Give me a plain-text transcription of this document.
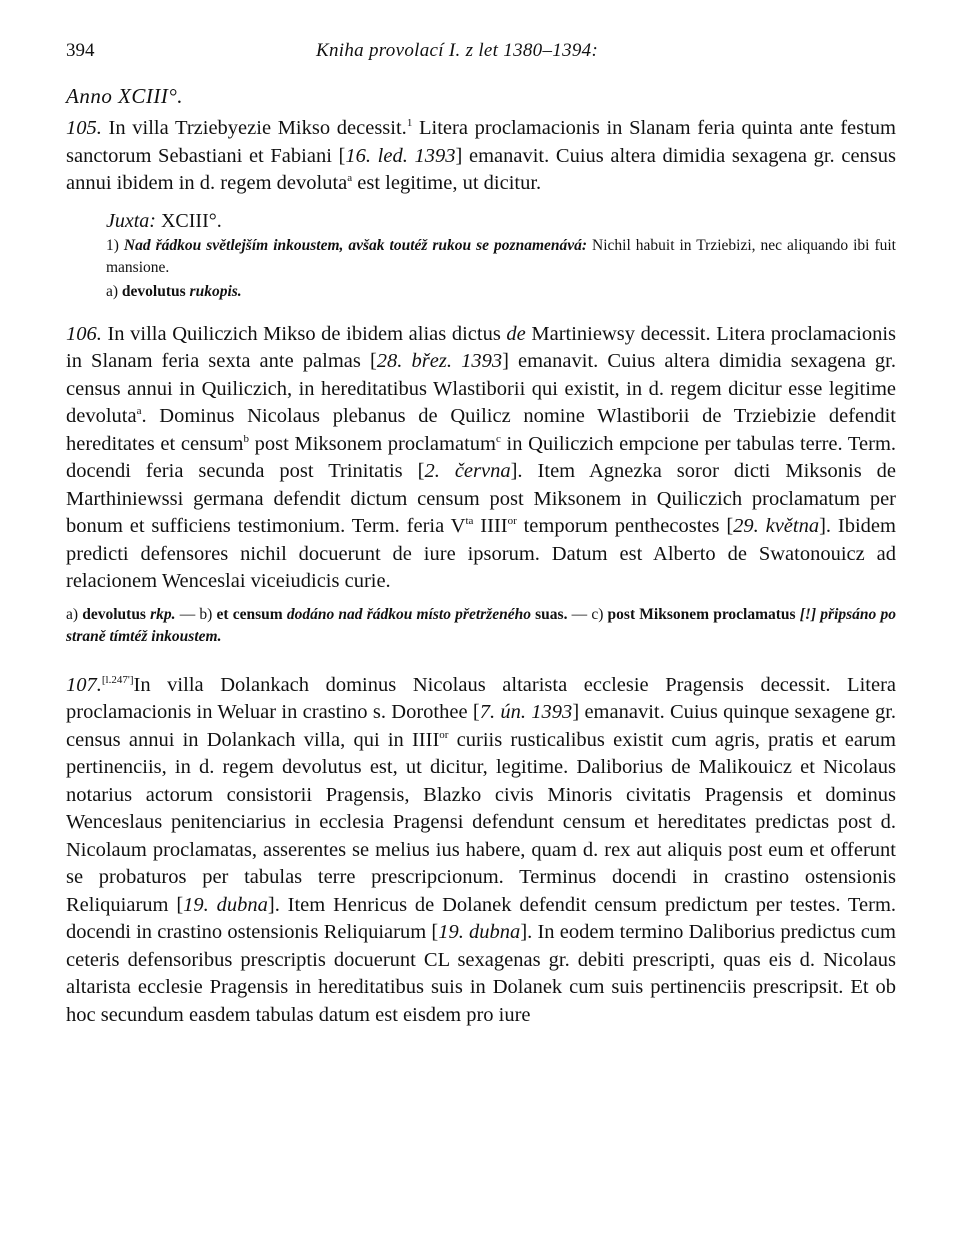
394	Kniha provolací I. z let 1380–1394:
Anno XCIII°.

105. In villa Trziebyezie Mikso decessit.$^1$ Litera proclamacionis in Slanam feria quinta ante festum sanctorum Sebastiani et Fabiani [16. led. 1393] emanavit. Cuius altera dimidia sexagena gr. census annui ibidem in d. regem devoluta$^a$ est legitime, ut dicitur.

Juxta: XCIII°.
1) Nad řádkou světlejším inkoustem, avšak toutéž rukou se poznamenává: Nichil habuit in Trziebizi, nec aliquando ibi fuit mansione.
a) devolutus rukopis.

106. In villa Quiliczich Mikso de ibidem alias dictus de Martiniewsy decessit. Litera proclamacionis in Slanam feria sexta ante palmas [28. břez. 1393] emanavit. Cuius altera dimidia sexagena gr. census annui in Quiliczich, in hereditatibus Wlastiborii qui existit, in d. regem dicitur esse legitime devoluta$^a$. Dominus Nicolaus plebanus de Quilicz nomine Wlastiborii de Trziebizie defendit hereditates et censum$^b$ post Miksonem proclamatum$^c$ in Quiliczich empcione per tabulas terre. Term. docendi feria secunda post Trinitatis [2. června]. Item Agnezka soror dicti Miksonis de Marthiniewssi germana defendit dictum censum post Miksonem in Quiliczich proclamatum per bonum et sufficiens testimonium. Term. feria $V^{ta}$ $IIII^{or}$ temporum penthecostes [29. května]. Ibidem predicti defensores nichil docuerunt de iure ipsorum. Datum est Alberto de Swatonouicz ad relacionem Wenceslai viceiudicis curie.

a) devolutus rkp. — b) et censum dodáno nad řádkou místo přetrženého suas. — c) post Miksonem proclamatus [!] připsáno po straně tímtéž inkoustem.

107.[l.247']In villa Dolankach dominus Nicolaus altarista ecclesie Pragensis decessit. Litera proclamacionis in Weluar in crastino s. Dorothee [7. ún. 1393] emanavit. Cuius quinque sexagene gr. census annui in Dolankach villa, qui in $IIII^{or}$ curiis rusticalibus existit cum agris, pratis et earum pertinenciis, in d. regem devolutus est, ut dicitur, legitime. Daliborius de Malikouicz et Nicolaus notarius actorum consistorii Pragensis, Blazko civis Minoris civitatis Pragensis et dominus Wenceslaus penitenciarius in ecclesia Pragensi defendunt censum et hereditates predictas post d. Nicolaum proclamatas, asserentes se melius ius habere, quam d. rex aut aliquis post eum et offerunt se probaturos per tabulas terre prescripcionum. Terminus docendi in crastino ostensionis Reliquiarum [19. dubna]. Item Henricus de Dolanek defendit censum predictum per testes. Term. docendi in crastino ostensionis Reliquiarum [19. dubna]. In eodem termino Daliborius predictus cum ceteris defensoribus prescriptis docuerunt CL sexagenas gr. debiti prescripti, quas eis d. Nicolaus altarista ecclesie Pragensis in hereditatibus suis in Dolanek cum suis pertinenciis prescripsit. Et ob hoc secundum easdem tabulas datum est eisdem pro iure
